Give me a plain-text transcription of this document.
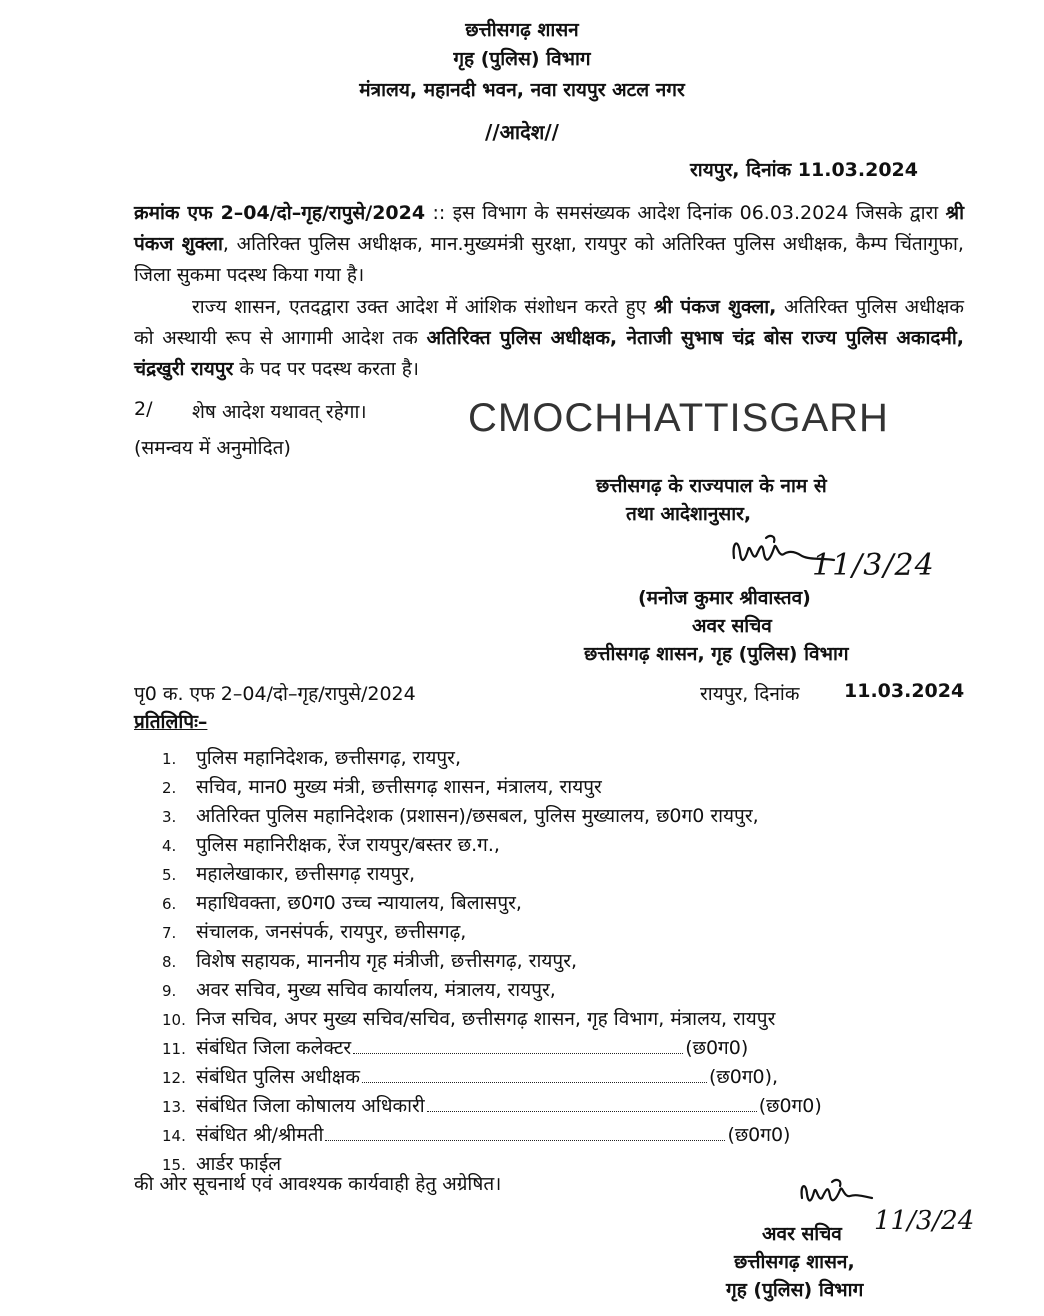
छत्तीसगढ़ शासन
गृह (पुलिस) विभाग
मंत्रालय, महानदी भवन, नवा रायपुर अटल नगर
//आदेश//
रायपुर, दिनांक 11.03.2024
क्रमांक एफ 2–04/दो–गृह/रापुसे/2024 :: इस विभाग के समसंख्यक आदेश दिनांक 06.03.2024 जिसके द्वारा श्री पंकज शुक्ला, अतिरिक्त पुलिस अधीक्षक, मान.मुख्यमंत्री सुरक्षा, रायपुर को अतिरिक्त पुलिस अधीक्षक, कैम्प चिंतागुफा, जिला सुकमा पदस्थ किया गया है।
राज्य शासन, एतदद्वारा उक्त आदेश में आंशिक संशोधन करते हुए श्री पंकज शुक्ला, अतिरिक्त पुलिस अधीक्षक को अस्थायी रूप से आगामी आदेश तक अतिरिक्त पुलिस अधीक्षक, नेताजी सुभाष चंद्र बोस राज्य पुलिस अकादमी, चंद्रखुरी रायपुर के पद पर पदस्थ करता है।
2/ शेष आदेश यथावत् रहेगा।	CMOCHHATTISGARH
(समन्वय में अनुमोदित)
छत्तीसगढ़ के राज्यपाल के नाम से
तथा आदेशानुसार,
11/3/24
(मनोज कुमार श्रीवास्तव)
अवर सचिव
छत्तीसगढ़ शासन, गृह (पुलिस) विभाग
पृ0 क. एफ 2–04/दो–गृह/रापुसे/2024	रायपुर, दिनांक 11.03.2024
प्रतिलिपिः–
1.	पुलिस महानिदेशक, छत्तीसगढ़, रायपुर,
2.	सचिव, मान0 मुख्य मंत्री, छत्तीसगढ़ शासन, मंत्रालय, रायपुर
3.	अतिरिक्त पुलिस महानिदेशक (प्रशासन)/छसबल, पुलिस मुख्यालय, छ0ग0 रायपुर,
4.	पुलिस महानिरीक्षक, रेंज रायपुर/बस्तर छ.ग.,
5.	महालेखाकार, छत्तीसगढ़ रायपुर,
6.	महाधिवक्ता, छ0ग0 उच्च न्यायालय, बिलासपुर,
7.	संचालक, जनसंपर्क, रायपुर, छत्तीसगढ़,
8.	विशेष सहायक, माननीय गृह मंत्रीजी, छत्तीसगढ़, रायपुर,
9.	अवर सचिव, मुख्य सचिव कार्यालय, मंत्रालय, रायपुर,
10. निज सचिव, अपर मुख्य सचिव/सचिव, छत्तीसगढ़ शासन, गृह विभाग, मंत्रालय, रायपुर
11. संबंधित जिला कलेक्टर	(छ0ग0)
12. संबंधित पुलिस अधीक्षक	(छ0ग0),
13. संबंधित जिला कोषालय अधिकारी	(छ0ग0)
14. संबंधित श्री/श्रीमती	(छ0ग0)
15. आर्डर फाईल
की ओर सूचनार्थ एवं आवश्यक कार्यवाही हेतु अग्रेषित।
अवर सचिव 11/3/24
छत्तीसगढ़ शासन,
गृह (पुलिस) विभाग
